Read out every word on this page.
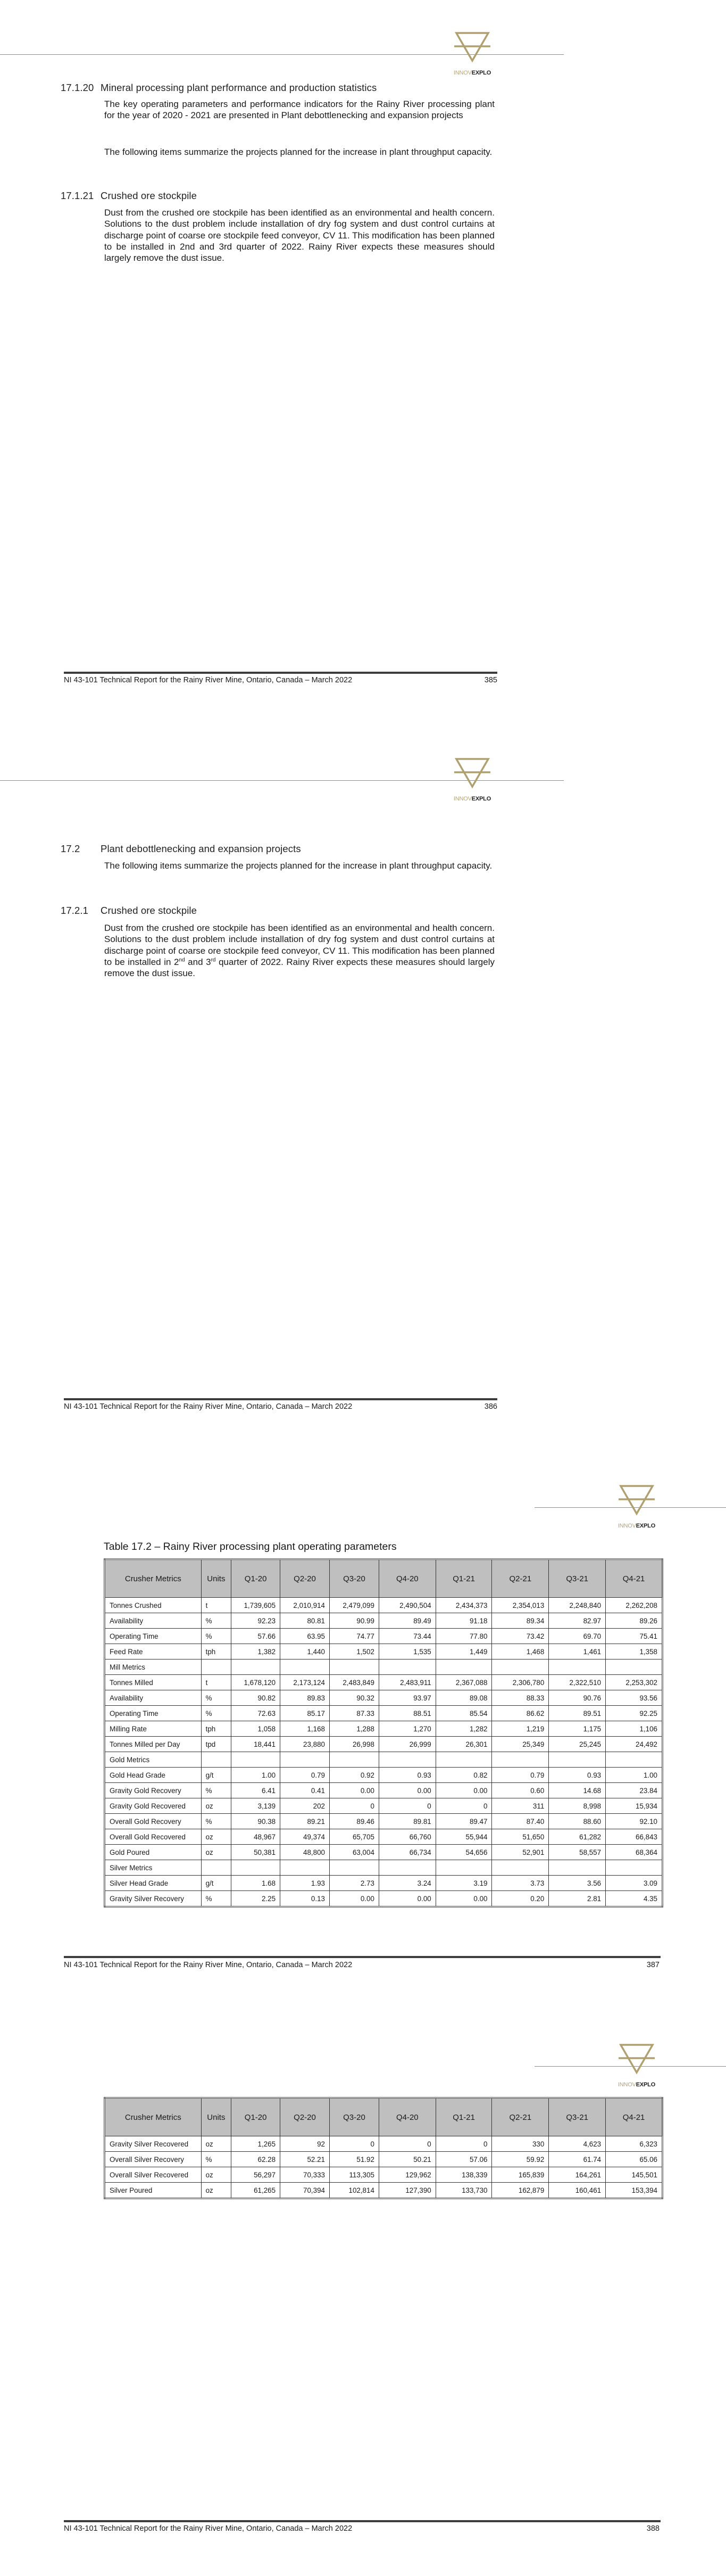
INNOVEXPLO
17.1.20 Mineral processing plant performance and production statistics
The key operating parameters and performance indicators for the Rainy River processing plant for the year of 2020 - 2021 are presented in Plant debottlenecking and expansion projects
The following items summarize the projects planned for the increase in plant throughput capacity.
17.1.21 Crushed ore stockpile
Dust from the crushed ore stockpile has been identified as an environmental and health concern. Solutions to the dust problem include installation of dry fog system and dust control curtains at discharge point of coarse ore stockpile feed conveyor, CV 11. This modification has been planned to be installed in 2nd and 3rd quarter of 2022. Rainy River expects these measures should largely remove the dust issue.
NI 43-101 Technical Report for the Rainy River Mine, Ontario, Canada – March 2022	385
INNOVEXPLO
17.2 Plant debottlenecking and expansion projects
The following items summarize the projects planned for the increase in plant throughput capacity.
17.2.1 Crushed ore stockpile
Dust from the crushed ore stockpile has been identified as an environmental and health concern. Solutions to the dust problem include installation of dry fog system and dust control curtains at discharge point of coarse ore stockpile feed conveyor, CV 11. This modification has been planned to be installed in 2nd and 3rd quarter of 2022. Rainy River expects these measures should largely remove the dust issue.
NI 43-101 Technical Report for the Rainy River Mine, Ontario, Canada – March 2022	386
INNOVEXPLO
Table 17.2 – Rainy River processing plant operating parameters
Crusher Metrics	Units	Q1-20	Q2-20	Q3-20	Q4-20	Q1-21	Q2-21	Q3-21	Q4-21
Tonnes Crushed	t	1,739,605	2,010,914	2,479,099	2,490,504	2,434,373	2,354,013	2,248,840	2,262,208
Availability	%	92.23	80.81	90.99	89.49	91.18	89.34	82.97	89.26
Operating Time	%	57.66	63.95	74.77	73.44	77.80	73.42	69.70	75.41
Feed Rate	tph	1,382	1,440	1,502	1,535	1,449	1,468	1,461	1,358
Mill Metrics									
Tonnes Milled	t	1,678,120	2,173,124	2,483,849	2,483,911	2,367,088	2,306,780	2,322,510	2,253,302
Availability	%	90.82	89.83	90.32	93.97	89.08	88.33	90.76	93.56
Operating Time	%	72.63	85.17	87.33	88.51	85.54	86.62	89.51	92.25
Milling Rate	tph	1,058	1,168	1,288	1,270	1,282	1,219	1,175	1,106
Tonnes Milled per Day	tpd	18,441	23,880	26,998	26,999	26,301	25,349	25,245	24,492
Gold Metrics									
Gold Head Grade	g/t	1.00	0.79	0.92	0.93	0.82	0.79	0.93	1.00
Gravity Gold Recovery	%	6.41	0.41	0.00	0.00	0.00	0.60	14.68	23.84
Gravity Gold Recovered	oz	3,139	202	0	0	0	311	8,998	15,934
Overall Gold Recovery	%	90.38	89.21	89.46	89.81	89.47	87.40	88.60	92.10
Overall Gold Recovered	oz	48,967	49,374	65,705	66,760	55,944	51,650	61,282	66,843
Gold Poured	oz	50,381	48,800	63,004	66,734	54,656	52,901	58,557	68,364
Silver Metrics									
Silver Head Grade	g/t	1.68	1.93	2.73	3.24	3.19	3.73	3.56	3.09
Gravity Silver Recovery	%	2.25	0.13	0.00	0.00	0.00	0.20	2.81	4.35
NI 43-101 Technical Report for the Rainy River Mine, Ontario, Canada – March 2022	387
INNOVEXPLO
Crusher Metrics	Units	Q1-20	Q2-20	Q3-20	Q4-20	Q1-21	Q2-21	Q3-21	Q4-21
Gravity Silver Recovered	oz	1,265	92	0	0	0	330	4,623	6,323
Overall Silver Recovery	%	62.28	52.21	51.92	50.21	57.06	59.92	61.74	65.06
Overall Silver Recovered	oz	56,297	70,333	113,305	129,962	138,339	165,839	164,261	145,501
Silver Poured	oz	61,265	70,394	102,814	127,390	133,730	162,879	160,461	153,394
NI 43-101 Technical Report for the Rainy River Mine, Ontario, Canada – March 2022	388
